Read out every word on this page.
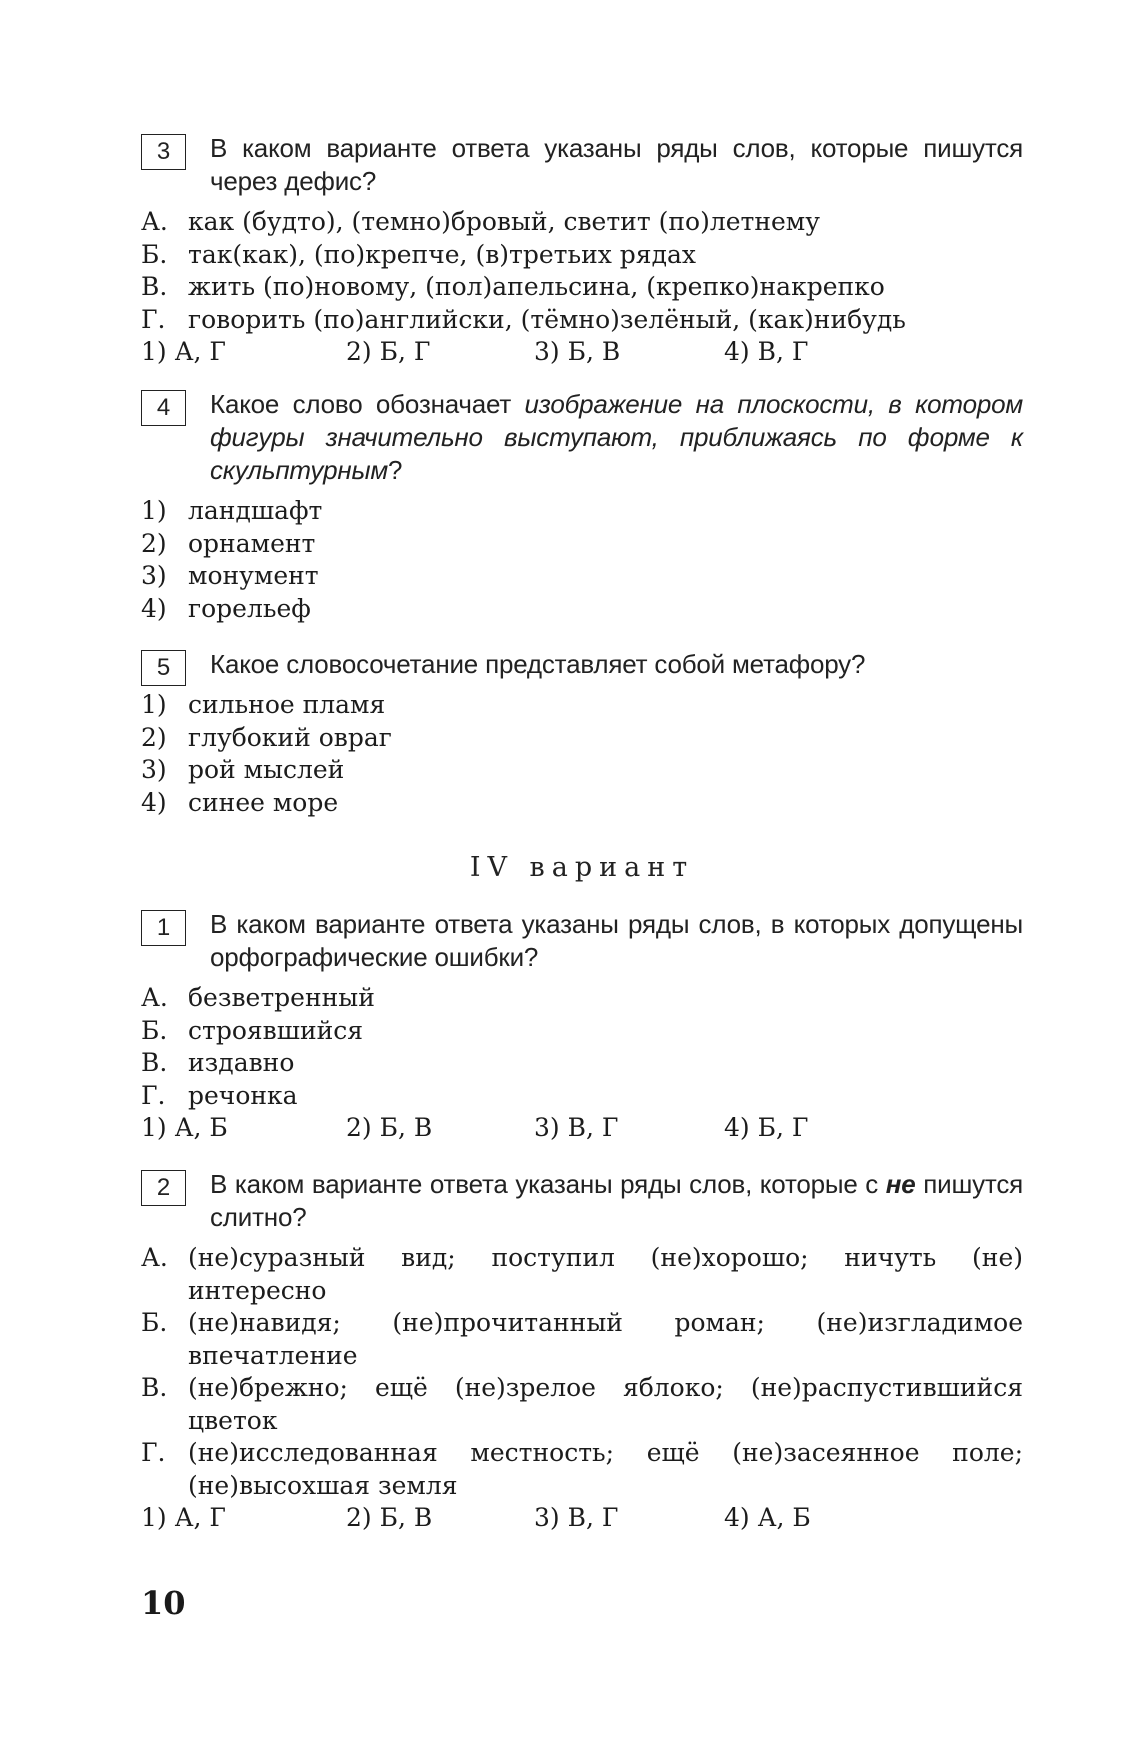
3	В каком варианте ответа указаны ряды слов, которые пишутся через дефис?
А. как (будто), (темно)бровый, светит (по)летнему
Б. так(как), (по)крепче, (в)третьих рядах
В. жить (по)новому, (пол)апельсина, (крепко)накрепко
Г. говорить (по)английски, (тёмно)зелёный, (как)нибудь
1) А, Г	2) Б, Г	3) Б, В	4) В, Г
4	Какое слово обозначает изображение на плоскости, в котором фигуры значительно выступают, приближаясь по форме к скульптурным?
1) ландшафт
2) орнамент
3) монумент
4) горельеф
5	Какое словосочетание представляет собой метафору?
1) сильное пламя
2) глубокий овраг
3) рой мыслей
4) синее море
IV вариант
1	В каком варианте ответа указаны ряды слов, в которых допущены орфографические ошибки?
А. безветренный
Б. строявшийся
В. издавно
Г. речонка
1) А, Б	2) Б, В	3) В, Г	4) Б, Г
2	В каком варианте ответа указаны ряды слов, которые с не пишутся слитно?
А. (не)суразный вид; поступил (не)хорошо; ничуть (не) интересно
Б. (не)навидя; (не)прочитанный роман; (не)изгладимое впечатление
В. (не)брежно; ещё (не)зрелое яблоко; (не)распустившийся цветок
Г. (не)исследованная местность; ещё (не)засеянное поле; (не)высохшая земля
1) А, Г	2) Б, В	3) В, Г	4) А, Б
10
